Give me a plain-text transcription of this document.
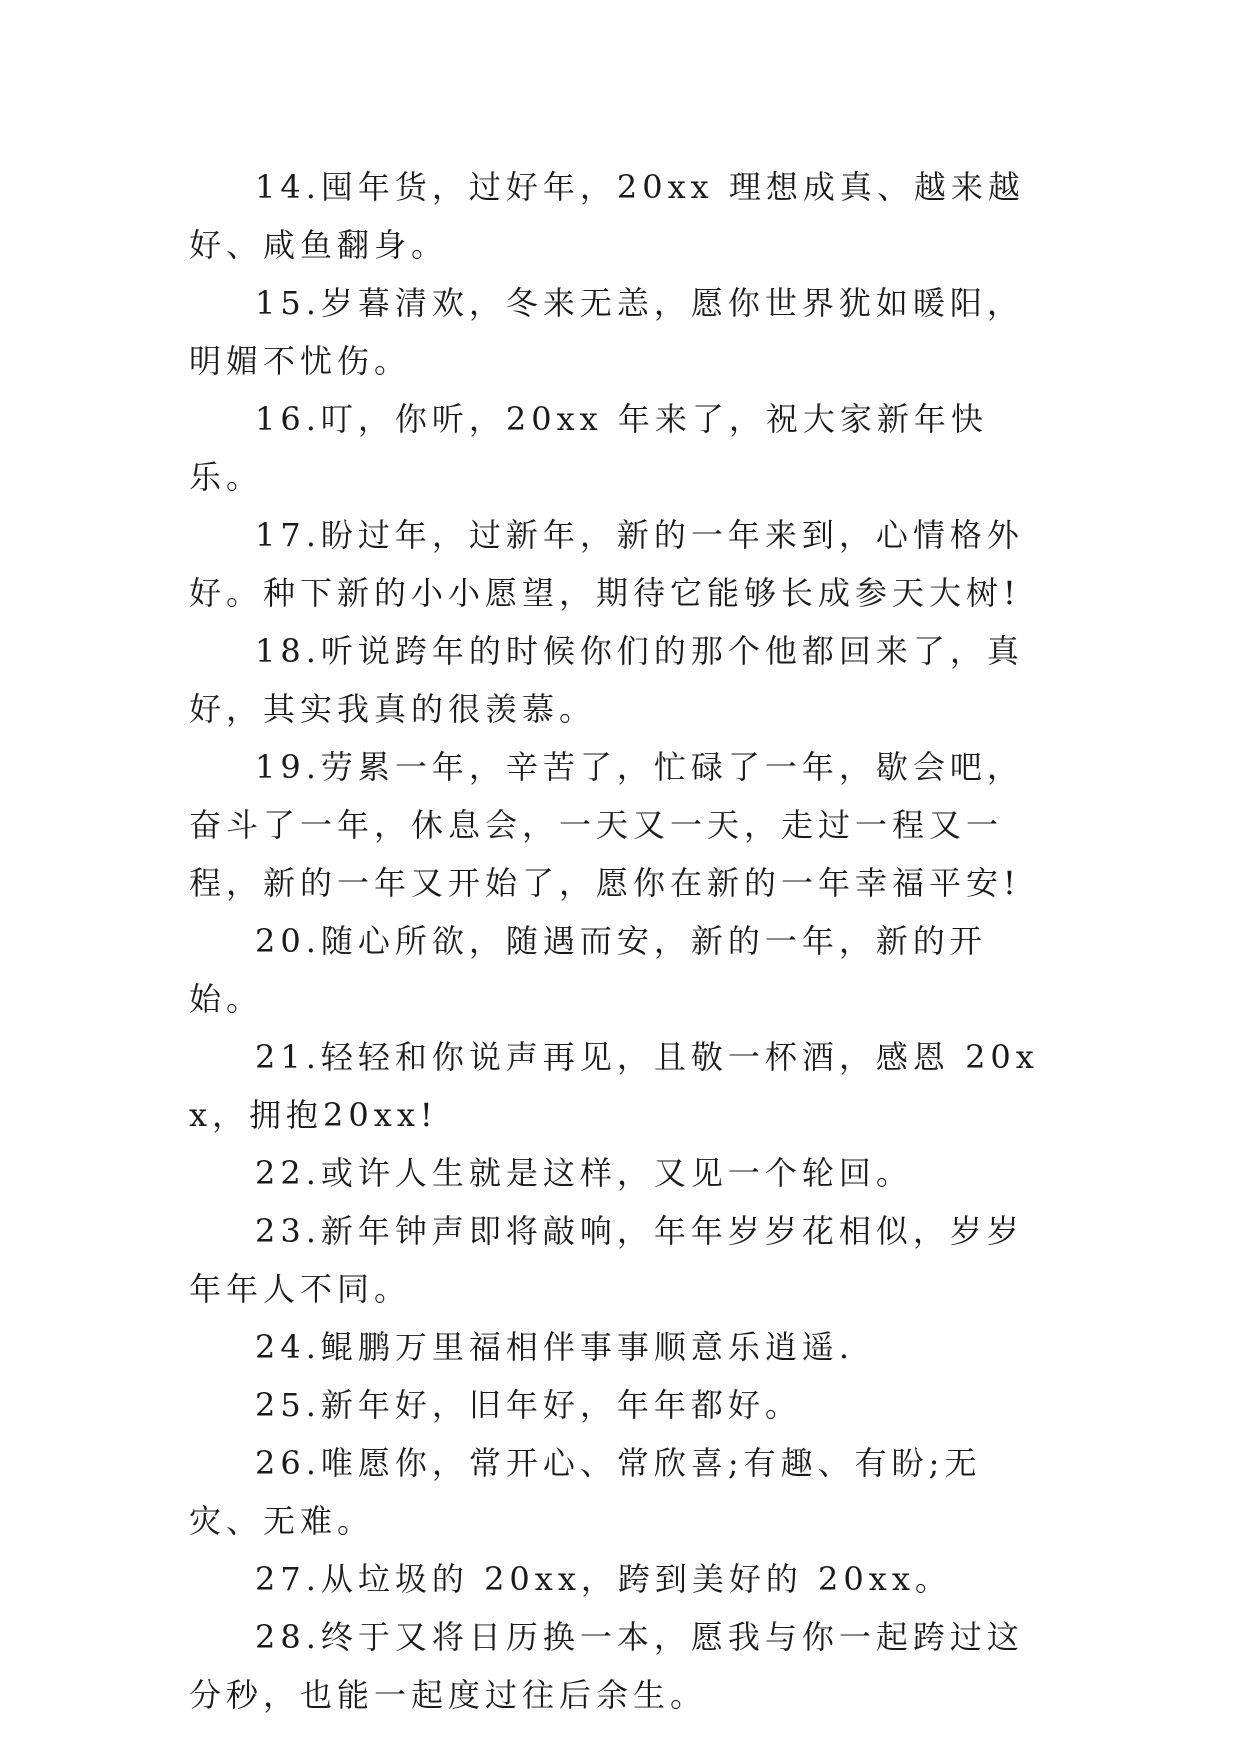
14.囤年货，过好年，20xx 理想成真、越来越好、咸鱼翻身。

15.岁暮清欢，冬来无恙，愿你世界犹如暖阳，明媚不忧伤。

16.叮，你听，20xx 年来了，祝大家新年快乐。

17.盼过年，过新年，新的一年来到，心情格外好。种下新的小小愿望，期待它能够长成参天大树!

18.听说跨年的时候你们的那个他都回来了，真好，其实我真的很羡慕。

19.劳累一年，辛苦了，忙碌了一年，歇会吧，奋斗了一年，休息会，一天又一天，走过一程又一程，新的一年又开始了，愿你在新的一年幸福平安!

20.随心所欲，随遇而安，新的一年，新的开始。

21.轻轻和你说声再见，且敬一杯酒，感恩 20xx，拥抱20xx!

22.或许人生就是这样，又见一个轮回。

23.新年钟声即将敲响，年年岁岁花相似，岁岁年年人不同。

24.鲲鹏万里福相伴事事顺意乐逍遥.

25.新年好，旧年好，年年都好。

26.唯愿你，常开心、常欣喜;有趣、有盼;无灾、无难。

27.从垃圾的 20xx，跨到美好的 20xx。

28.终于又将日历换一本，愿我与你一起跨过这分秒，也能一起度过往后余生。
